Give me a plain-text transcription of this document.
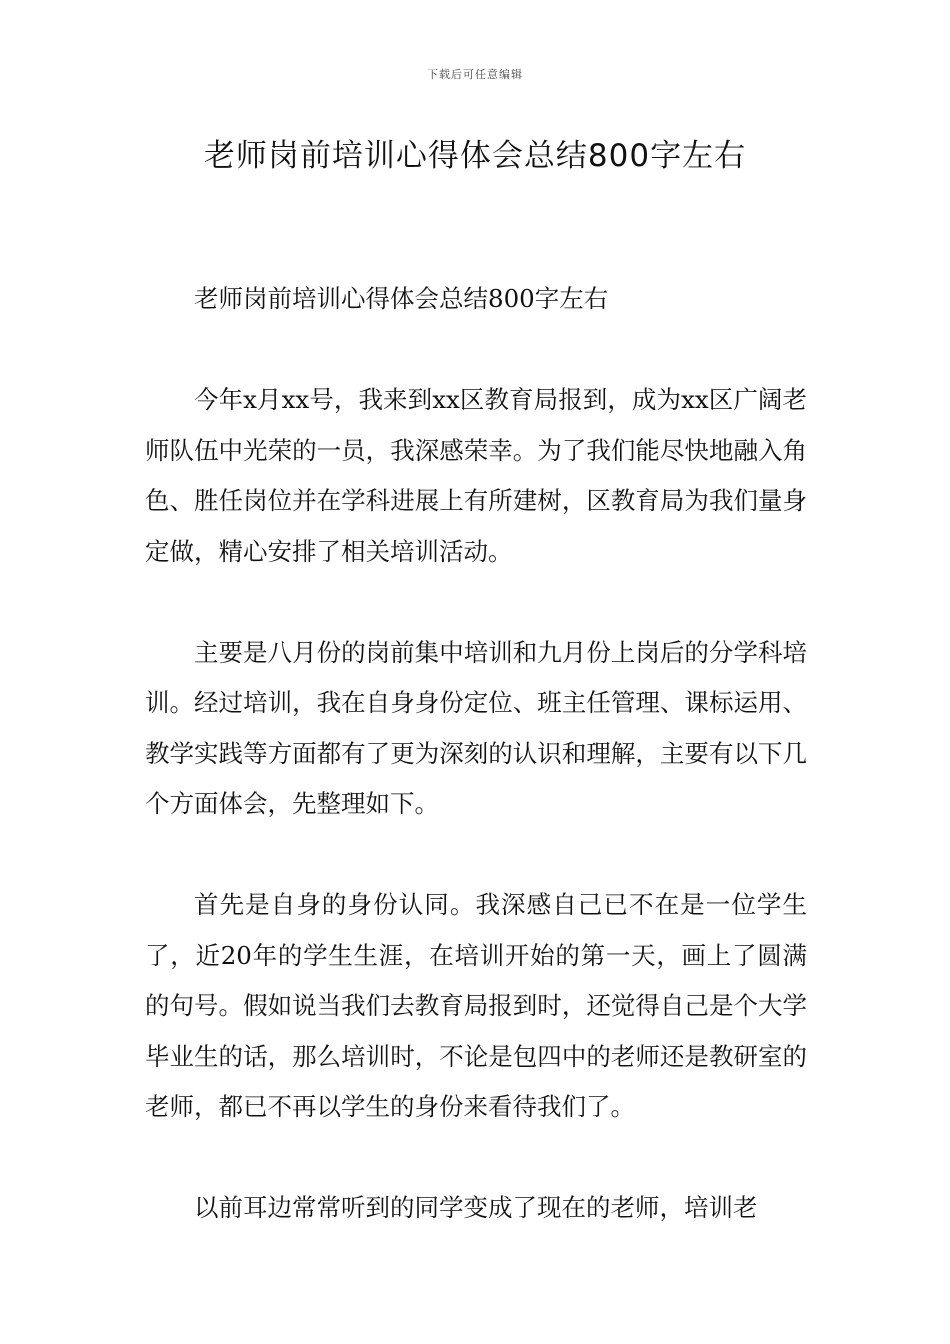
下载后可任意编辑
老师岗前培训心得体会总结800字左右

老师岗前培训心得体会总结800字左右

今年x月xx号，我来到xx区教育局报到，成为xx区广阔老师队伍中光荣的一员，我深感荣幸。为了我们能尽快地融入角色、胜任岗位并在学科进展上有所建树，区教育局为我们量身定做，精心安排了相关培训活动。

主要是八月份的岗前集中培训和九月份上岗后的分学科培训。经过培训，我在自身身份定位、班主任管理、课标运用、教学实践等方面都有了更为深刻的认识和理解，主要有以下几个方面体会，先整理如下。

首先是自身的身份认同。我深感自己已不在是一位学生了，近20年的学生生涯，在培训开始的第一天，画上了圆满的句号。假如说当我们去教育局报到时，还觉得自己是个大学毕业生的话，那么培训时，不论是包四中的老师还是教研室的老师，都已不再以学生的身份来看待我们了。

以前耳边常常听到的同学变成了现在的老师，培训老
